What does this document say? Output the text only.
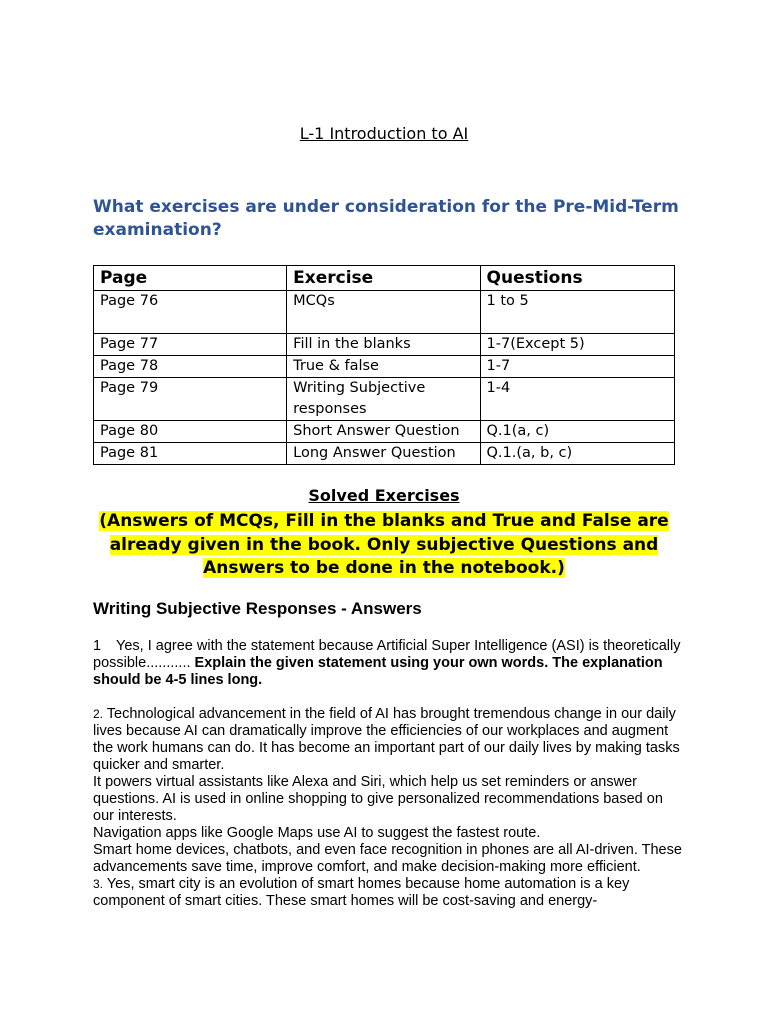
L-1 Introduction to AI

What exercises are under consideration for the Pre-Mid-Term examination?

Page	Exercise	Questions
Page 76	MCQs	1 to 5
Page 77	Fill in the blanks	1-7(Except 5)
Page 78	True & false	1-7
Page 79	Writing Subjective responses	1-4
Page 80	Short Answer Question	Q.1(a, c)
Page 81	Long Answer Question	Q.1.(a, b, c)
Solved Exercises

(Answers of MCQs, Fill in the blanks and True and False are already given in the book. Only subjective Questions and Answers to be done in the notebook.)

Writing Subjective Responses - Answers

1 Yes, I agree with the statement because Artificial Super Intelligence (ASI) is theoretically possible........... Explain the given statement using your own words. The explanation should be 4-5 lines long.

2. Technological advancement in the field of AI has brought tremendous change in our daily lives because AI can dramatically improve the efficiencies of our workplaces and augment the work humans can do. It has become an important part of our daily lives by making tasks quicker and smarter.

It powers virtual assistants like Alexa and Siri, which help us set reminders or answer questions. AI is used in online shopping to give personalized recommendations based on our interests.

Navigation apps like Google Maps use AI to suggest the fastest route.

Smart home devices, chatbots, and even face recognition in phones are all AI-driven. These advancements save time, improve comfort, and make decision-making more efficient.

3. Yes, smart city is an evolution of smart homes because home automation is a key component of smart cities. These smart homes will be cost-saving and energy-
